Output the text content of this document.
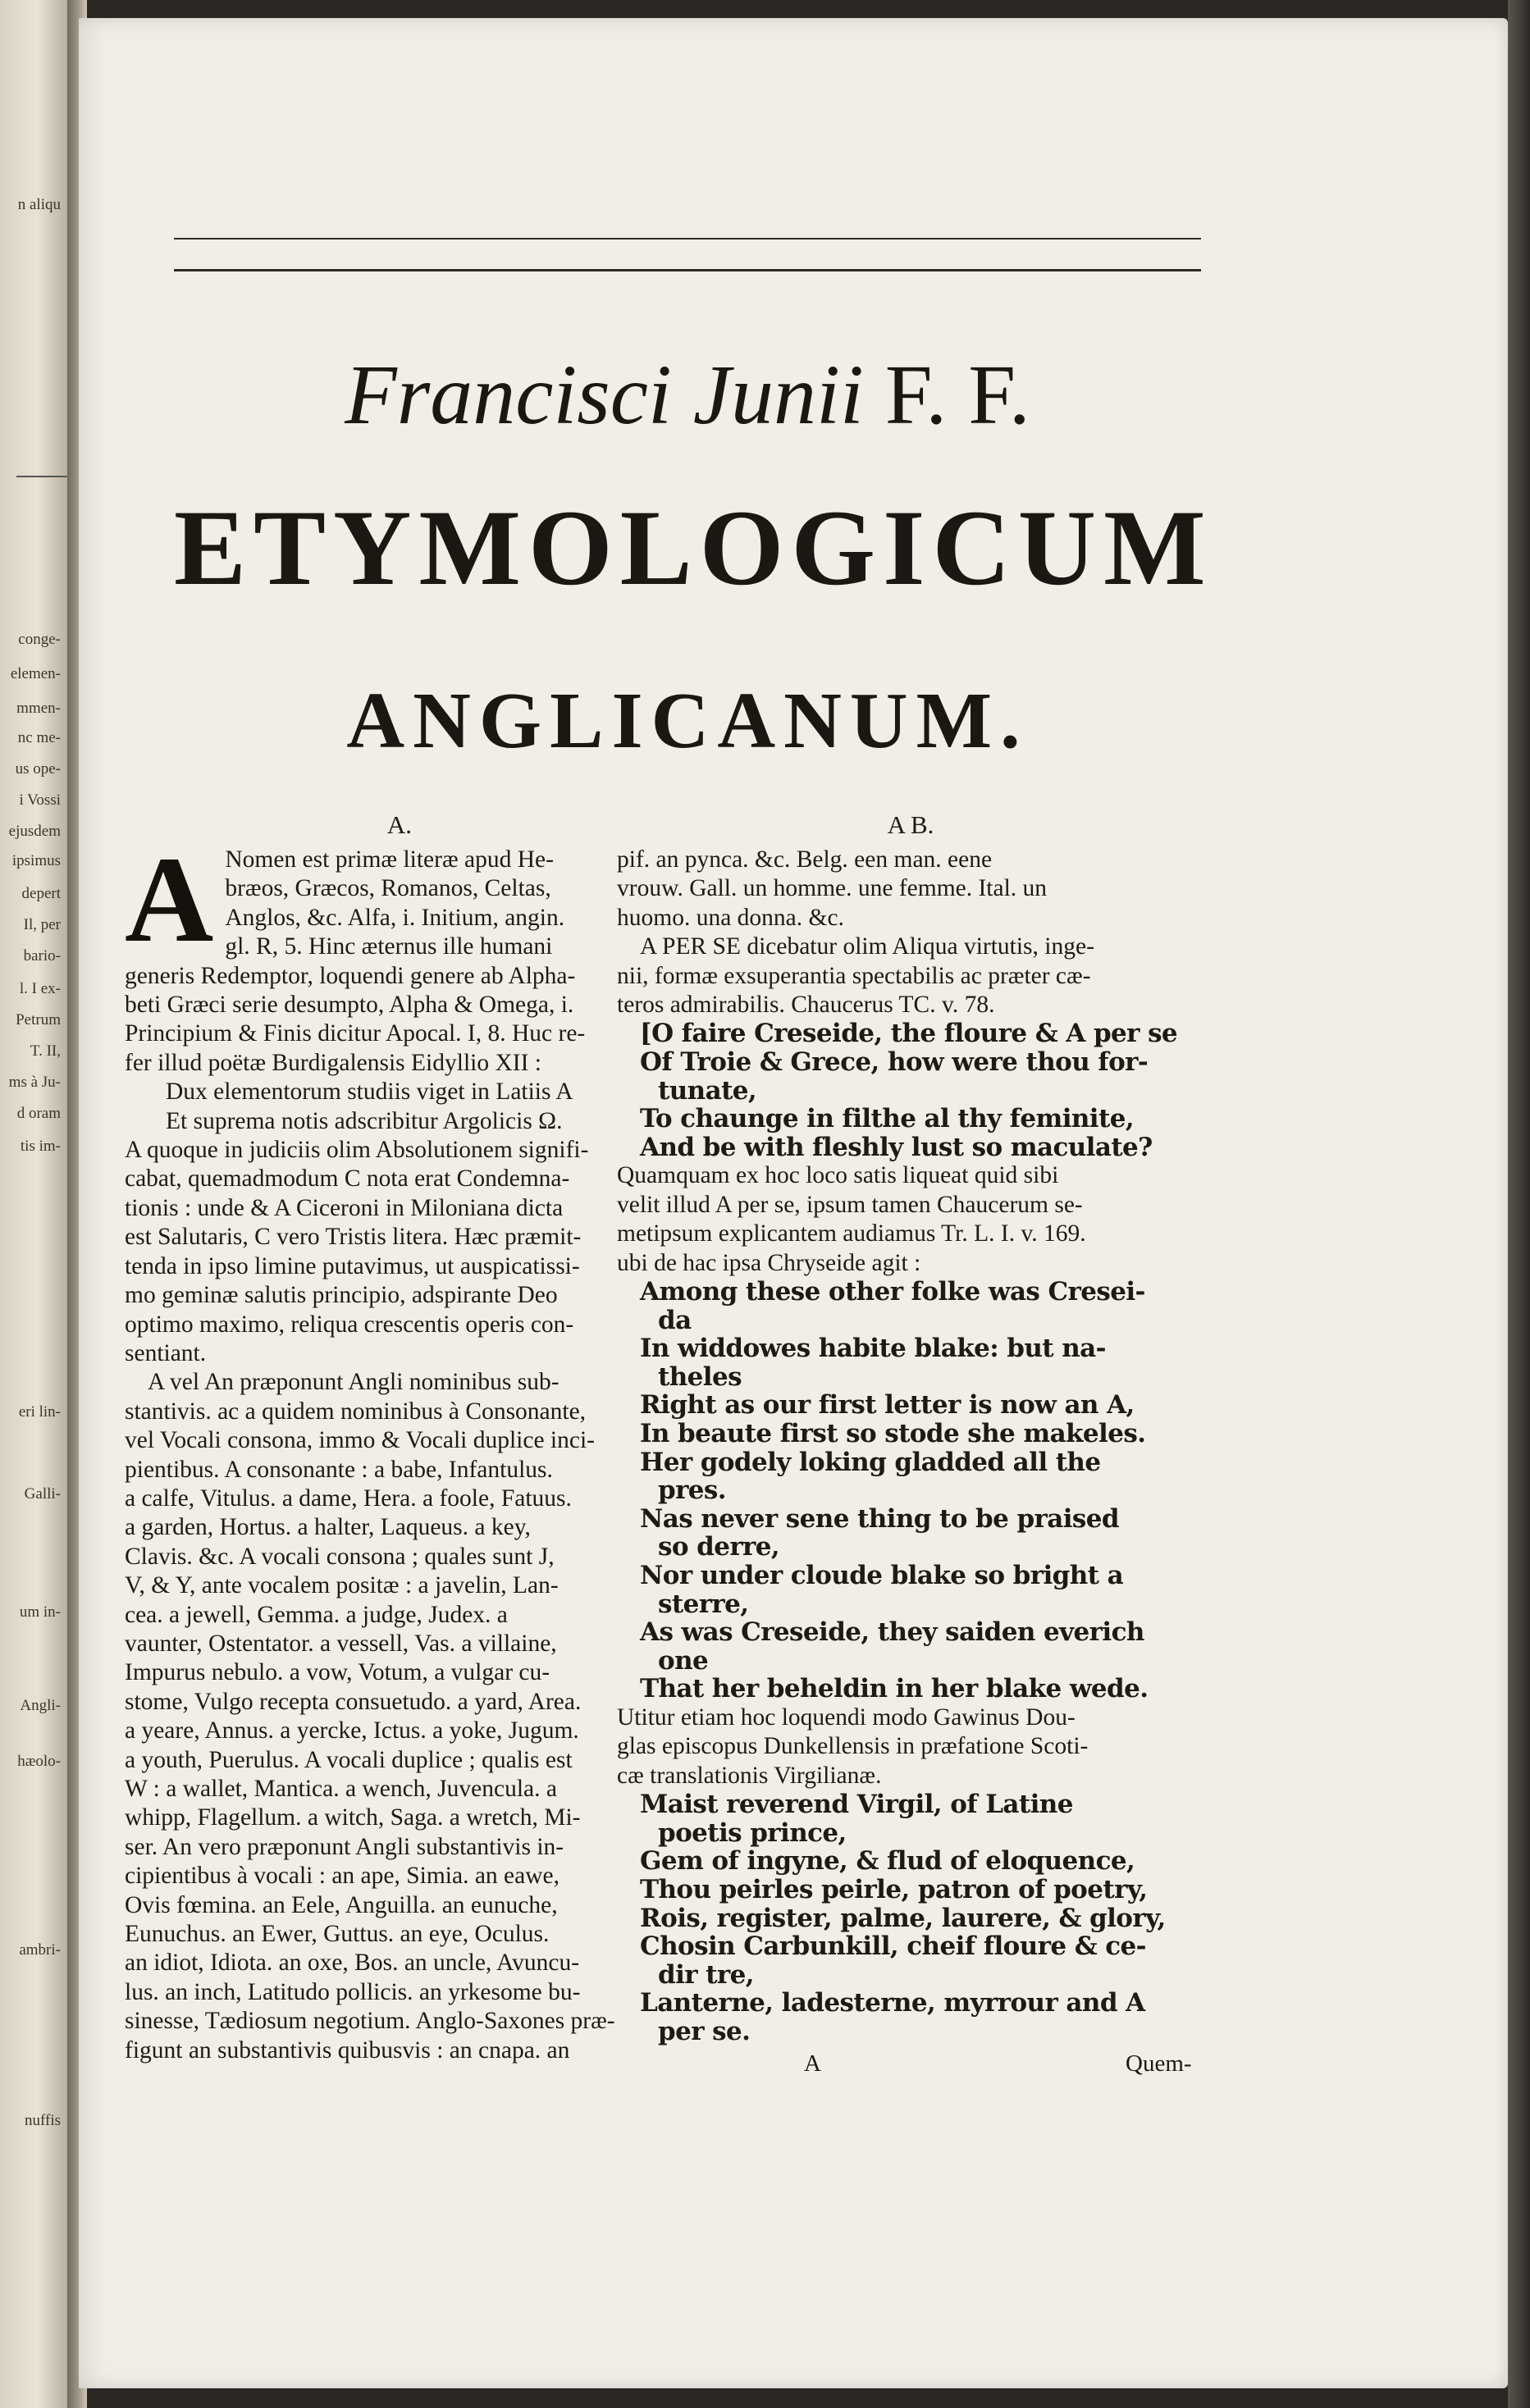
n aliqu
conge-
elemen-
mmen-
nc me-
us ope-
i Vossi
ejusdem
ipsimus
depert
Il, per
bario-
l. I ex-
Petrum
T. II,
ms à Ju-
d oram
tis im-
eri lin-
Galli-
um in-
Angli-
hæolo-
ambri-
nuffis
Francisci Junii F. F.
ETYMOLOGICUM
ANGLICANUM.
A.
A Nomen est primæ literæ apud He-
bræos, Græcos, Romanos, Celtas,
Anglos, &c. Alfa, i. Initium, angin.
gl. R, 5. Hinc æternus ille humani
generis Redemptor, loquendi genere ab Alpha-
beti Græci serie desumpto, Alpha & Omega, i.
Principium & Finis dicitur Apocal. I, 8. Huc re-
fer illud poëtæ Burdigalensis Eidyllio XII :
Dux elementorum studiis viget in Latiis A
Et suprema notis adscribitur Argolicis Ω.
A quoque in judiciis olim Absolutionem signifi-
cabat, quemadmodum C nota erat Condemna-
tionis : unde & A Ciceroni in Miloniana dicta
est Salutaris, C vero Tristis litera. Hæc præmit-
tenda in ipso limine putavimus, ut auspicatissi-
mo geminæ salutis principio, adspirante Deo
optimo maximo, reliqua crescentis operis con-
sentiant.
A vel An præponunt Angli nominibus sub-
stantivis. ac a quidem nominibus à Consonante,
vel Vocali consona, immo & Vocali duplice inci-
pientibus. A consonante : a babe, Infantulus.
a calfe, Vitulus. a dame, Hera. a foole, Fatuus.
a garden, Hortus. a halter, Laqueus. a key,
Clavis. &c. A vocali consona ; quales sunt J,
V, & Y, ante vocalem positæ : a javelin, Lan-
cea. a jewell, Gemma. a judge, Judex. a
vaunter, Ostentator. a vessell, Vas. a villaine,
Impurus nebulo. a vow, Votum, a vulgar cu-
stome, Vulgo recepta consuetudo. a yard, Area.
a yeare, Annus. a yercke, Ictus. a yoke, Jugum.
a youth, Puerulus. A vocali duplice ; qualis est
W : a wallet, Mantica. a wench, Juvencula. a
whipp, Flagellum. a witch, Saga. a wretch, Mi-
ser. An vero præponunt Angli substantivis in-
cipientibus à vocali : an ape, Simia. an eawe,
Ovis fœmina. an Eele, Anguilla. an eunuche,
Eunuchus. an Ewer, Guttus. an eye, Oculus.
an idiot, Idiota. an oxe, Bos. an uncle, Avuncu-
lus. an inch, Latitudo pollicis. an yrkesome bu-
sinesse, Tædiosum negotium. Anglo-Saxones præ-
figunt an substantivis quibusvis : an cnapa. an
A B.
pif. an pynca. &c. Belg. een man. eene
vrouw. Gall. un homme. une femme. Ital. un
huomo. una donna. &c.
A PER SE dicebatur olim Aliqua virtutis, inge-
nii, formæ exsuperantia spectabilis ac præter cæ-
teros admirabilis. Chaucerus TC. v. 78.
[O faire Creseide, the floure & A per se
Of Troie & Grece, how were thou for-
tunate,
To chaunge in filthe al thy feminite,
And be with fleshly lust so maculate?
Quamquam ex hoc loco satis liqueat quid sibi
velit illud A per se, ipsum tamen Chaucerum se-
metipsum explicantem audiamus Tr. L. I. v. 169.
ubi de hac ipsa Chryseide agit :
Among these other folke was Cresei-
da
In widdowes habite blake: but na-
theles
Right as our first letter is now an A,
In beaute first so stode she makeles.
Her godely loking gladded all the
pres.
Nas never sene thing to be praised
so derre,
Nor under cloude blake so bright a
sterre,
As was Creseide, they saiden everich
one
That her beheldin in her blake wede.
Utitur etiam hoc loquendi modo Gawinus Dou-
glas episcopus Dunkellensis in præfatione Scoti-
cæ translationis Virgilianæ.
Maist reverend Virgil, of Latine
poetis prince,
Gem of ingyne, & flud of eloquence,
Thou peirles peirle, patron of poetry,
Rois, register, palme, laurere, & glory,
Chosin Carbunkill, cheif floure & ce-
dir tre,
Lanterne, ladesterne, myrrour and A
per se.
A	Quem-
